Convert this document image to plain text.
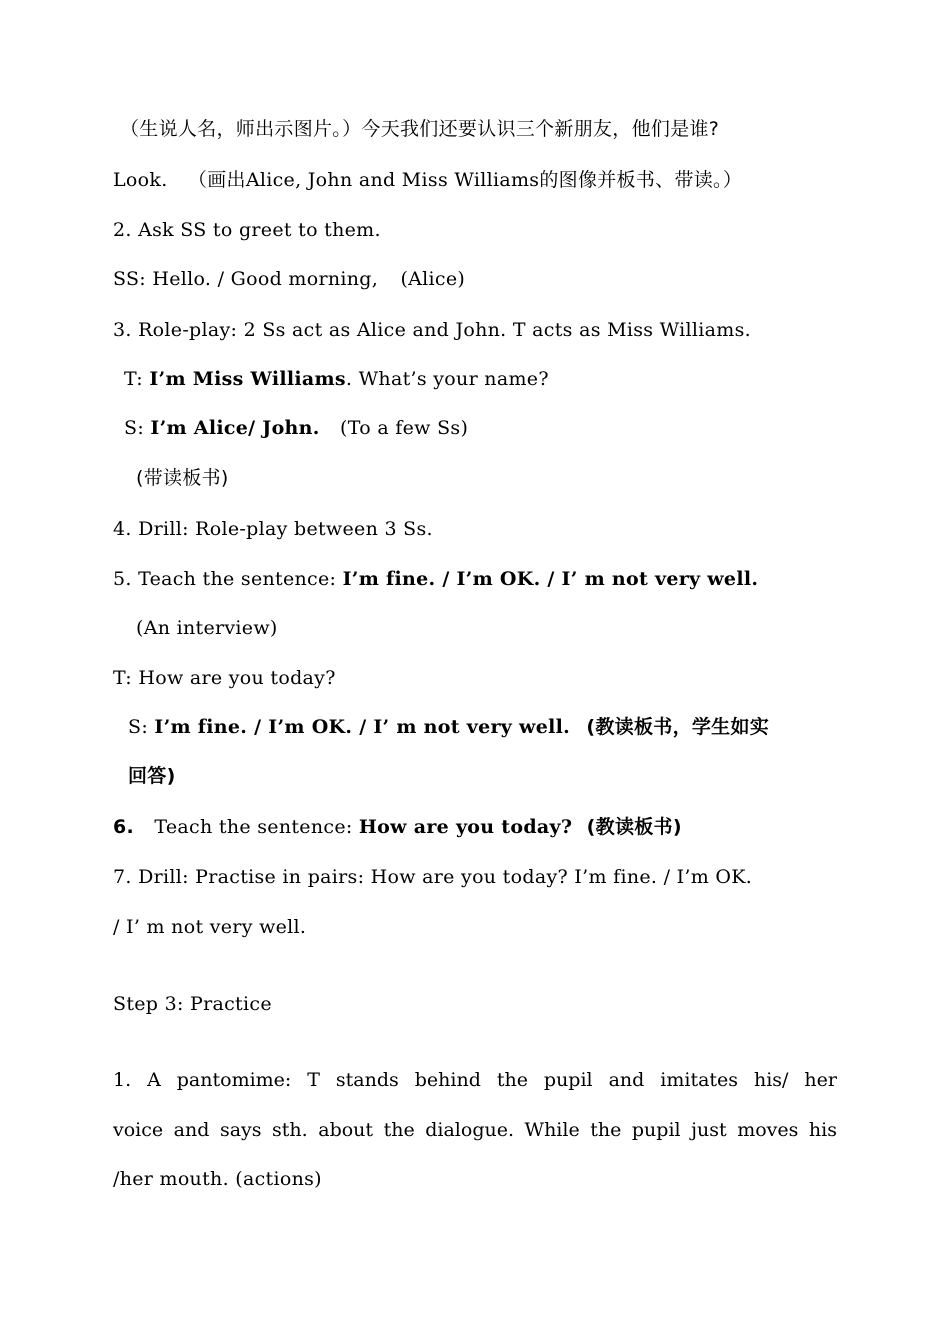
（生说人名，师出示图片。）今天我们还要认识三个新朋友，他们是谁?
Look. （画出Alice, John and Miss Williams的图像并板书、带读。）
2. Ask SS to greet to them.
SS: Hello. / Good morning, (Alice)
3. Role-play: 2 Ss act as Alice and John. T acts as Miss Williams.
T: I’m Miss Williams. What’s your name?
S: I’m Alice/ John. (To a few Ss)
(带读板书)
4. Drill: Role-play between 3 Ss.
5. Teach the sentence: I’m fine. / I’m OK. / I’ m not very well.
(An interview)
T: How are you today?
S: I’m fine. / I’m OK. / I’ m not very well. (教读板书，学生如实
回答)
6. Teach the sentence: How are you today? (教读板书)
7. Drill: Practise in pairs: How are you today? I’m fine. / I’m OK.
/ I’ m not very well.
Step 3: Practice
1. A pantomime: T stands behind the pupil and imitates his/ her
voice and says sth. about the dialogue. While the pupil just moves his
/her mouth. (actions)
